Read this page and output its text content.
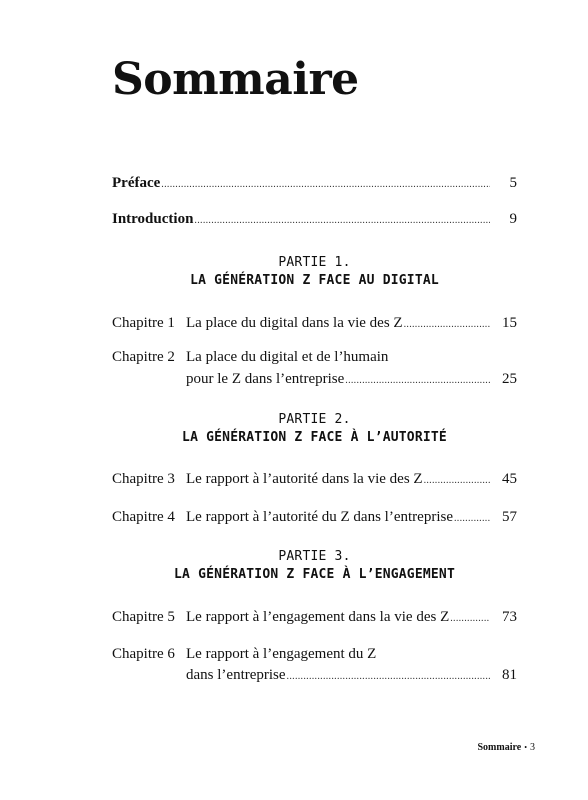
Sommaire
Préface .....	5
Introduction .....	9
PARTIE 1.
LA GÉNÉRATION Z FACE AU DIGITAL
Chapitre 1 La place du digital dans la vie des Z .....	15
Chapitre 2 La place du digital et de l’humain
pour le Z dans l’entreprise .....	25
PARTIE 2.
LA GÉNÉRATION Z FACE À L’AUTORITÉ
Chapitre 3 Le rapport à l’autorité dans la vie des Z .....	45
Chapitre 4 Le rapport à l’autorité du Z dans l’entreprise .....	57
PARTIE 3.
LA GÉNÉRATION Z FACE À L’ENGAGEMENT
Chapitre 5 Le rapport à l’engagement dans la vie des Z .....	73
Chapitre 6 Le rapport à l’engagement du Z
dans l’entreprise .....	81
Sommaire • 3
